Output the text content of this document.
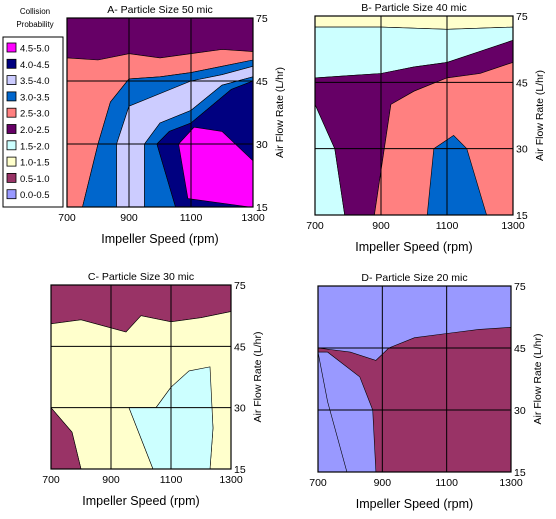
Collision
Probability
4.5-5.0
4.0-4.5
3.5-4.0
3.0-3.5
2.5-3.0
2.0-2.5
1.5-2.0
1.0-1.5
0.5-1.0
0.0-0.5
A- Particle Size 50 mic
700	900	1100	1300
15
30
45
75
Impeller Speed (rpm)
Air Flow Rate (L/hr)
B- Particle Size 40 mic
700	900	1100	1300
15
30
45
75
Impeller Speed (rpm)
Air Flow Rate (L/hr)
C- Particle Size 30 mic
700	900	1100	1300
15
30
45
75
Impeller Speed (rpm)
Air Flow Rate (L/hr)
D- Particle Size 20 mic
700	900	1100	1300
15
30
45
75
Impeller Speed (rpm)
Air Flow Rate (L/hr)
